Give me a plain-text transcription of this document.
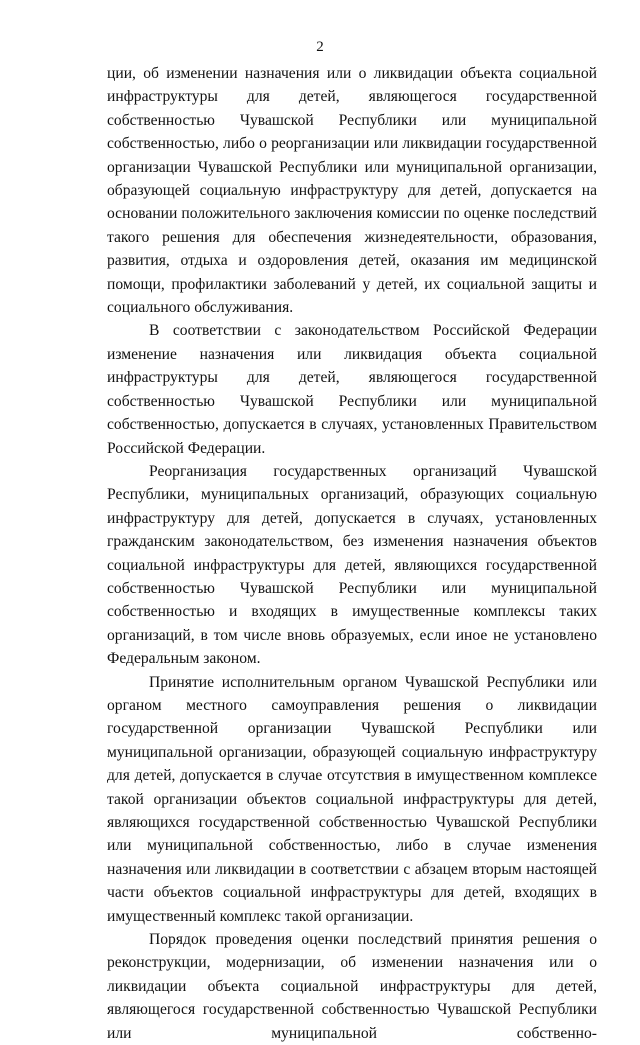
2

ции, об изменении назначения или о ликвидации объекта социальной инфраструктуры для детей, являющегося государственной собственностью Чувашской Республики или муниципальной собственностью, либо о реорганизации или ликвидации государственной организации Чувашской Республики или муниципальной организации, образующей социальную инфраструктуру для детей, допускается на основании положительного заключения комиссии по оценке последствий такого решения для обеспечения жизнедеятельности, образования, развития, отдыха и оздоровления детей, оказания им медицинской помощи, профилактики заболеваний у детей, их социальной защиты и социального обслуживания.

В соответствии с законодательством Российской Федерации изменение назначения или ликвидация объекта социальной инфраструктуры для детей, являющегося государственной собственностью Чувашской Республики или муниципальной собственностью, допускается в случаях, установленных Правительством Российской Федерации.

Реорганизация государственных организаций Чувашской Республики, муниципальных организаций, образующих социальную инфраструктуру для детей, допускается в случаях, установленных гражданским законодательством, без изменения назначения объектов социальной инфраструктуры для детей, являющихся государственной собственностью Чувашской Республики или муниципальной собственностью и входящих в имущественные комплексы таких организаций, в том числе вновь образуемых, если иное не установлено Федеральным законом.

Принятие исполнительным органом Чувашской Республики или органом местного самоуправления решения о ликвидации государственной организации Чувашской Республики или муниципальной организации, образующей социальную инфраструктуру для детей, допускается в случае отсутствия в имущественном комплексе такой организации объектов социальной инфраструктуры для детей, являющихся государственной собственностью Чувашской Республики или муниципальной собственностью, либо в случае изменения назначения или ликвидации в соответствии с абзацем вторым настоящей части объектов социальной инфраструктуры для детей, входящих в имущественный комплекс такой организации.

Порядок проведения оценки последствий принятия решения о реконструкции, модернизации, об изменении назначения или о ликвидации объекта социальной инфраструктуры для детей, являющегося государственной собственностью Чувашской Республики или муниципальной собственно-
